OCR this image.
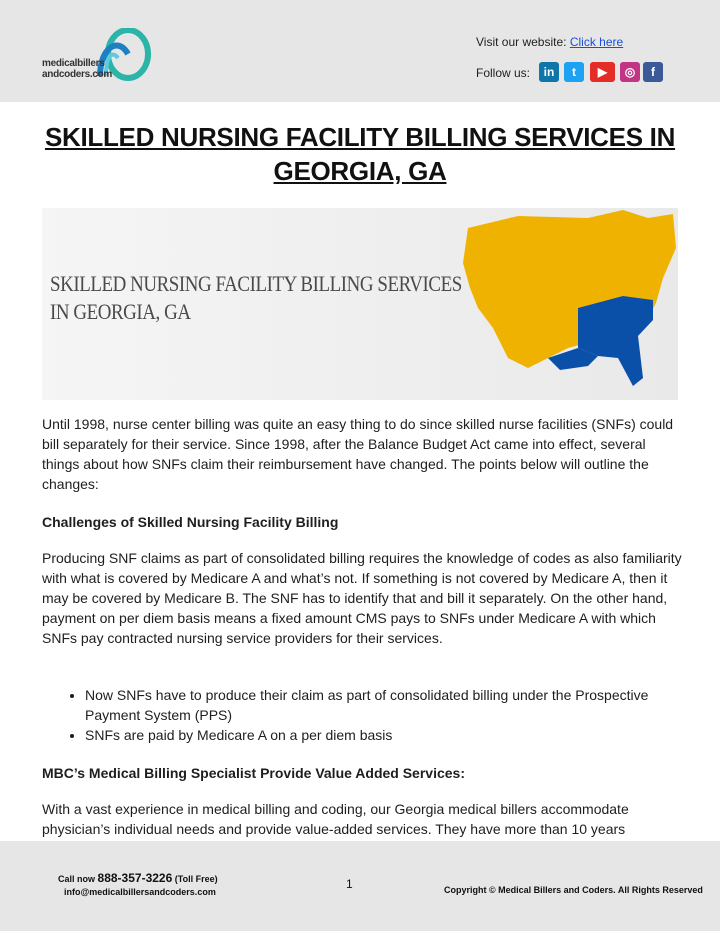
medicalbillers
andcoders.com
Visit our website: Click here
Follow us:	in	t	▶	◎	f
SKILLED NURSING FACILITY BILLING SERVICES IN
GEORGIA, GA
SKILLED NURSING FACILITY BILLING SERVICES
IN GEORGIA, GA
Until 1998, nurse center billing was quite an easy thing to do since skilled nurse facilities (SNFs) could bill separately for their service. Since 1998, after the Balance Budget Act came into effect, several things about how SNFs claim their reimbursement have changed. The points below will outline the changes:
Challenges of Skilled Nursing Facility Billing
Producing SNF claims as part of consolidated billing requires the knowledge of codes as also familiarity with what is covered by Medicare A and what’s not. If something is not covered by Medicare A, then it may be covered by Medicare B. The SNF has to identify that and bill it separately. On the other hand, payment on per diem basis means a fixed amount CMS pays to SNFs under Medicare A with which SNFs pay contracted nursing service providers for their services.
• Now SNFs have to produce their claim as part of consolidated billing under the Prospective Payment System (PPS)
• SNFs are paid by Medicare A on a per diem basis
MBC’s Medical Billing Specialist Provide Value Added Services:
With a vast experience in medical billing and coding, our Georgia medical billers accommodate physician’s individual needs and provide value-added services. They have more than 10 years
Call now 888-357-3226 (Toll Free)
info@medicalbillersandcoders.com
1	Copyright © Medical Billers and Coders. All Rights Reserved
